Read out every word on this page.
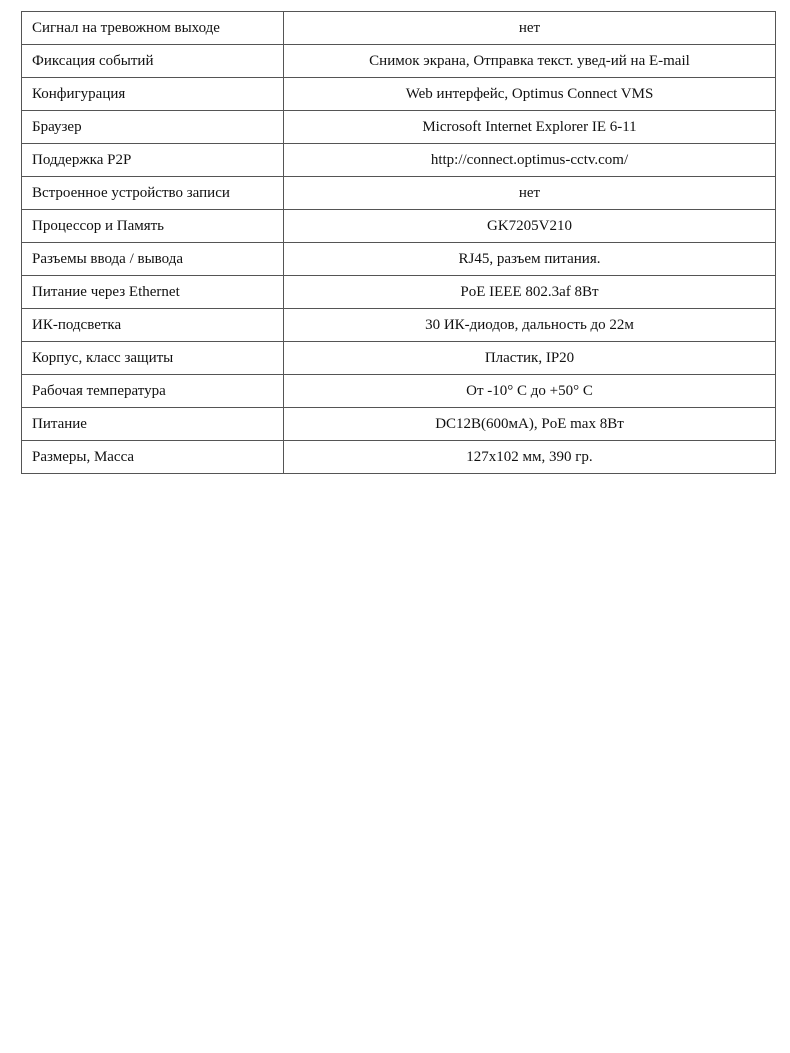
Сигнал на тревожном выходе	нет
Фиксация событий	Снимок экрана, Отправка текст. увед-ий на E-mail
Конфигурация	Web интерфейс, Optimus Connect VMS
Браузер	Microsoft Internet Explorer IE 6-11
Поддержка P2P	http://connect.optimus-cctv.com/
Встроенное устройство записи	нет
Процессор и Память	GK7205V210
Разъемы ввода / вывода	RJ45, разъем питания.
Питание через Ethernet	PoE IEEE 802.3af 8Вт
ИК-подсветка	30 ИК-диодов, дальность до 22м
Корпус, класс защиты	Пластик, IP20
Рабочая температура	От -10° С до +50° С
Питание	DC12В(600мА), PoE max 8Вт
Размеры, Масса	127x102 мм, 390 гр.
